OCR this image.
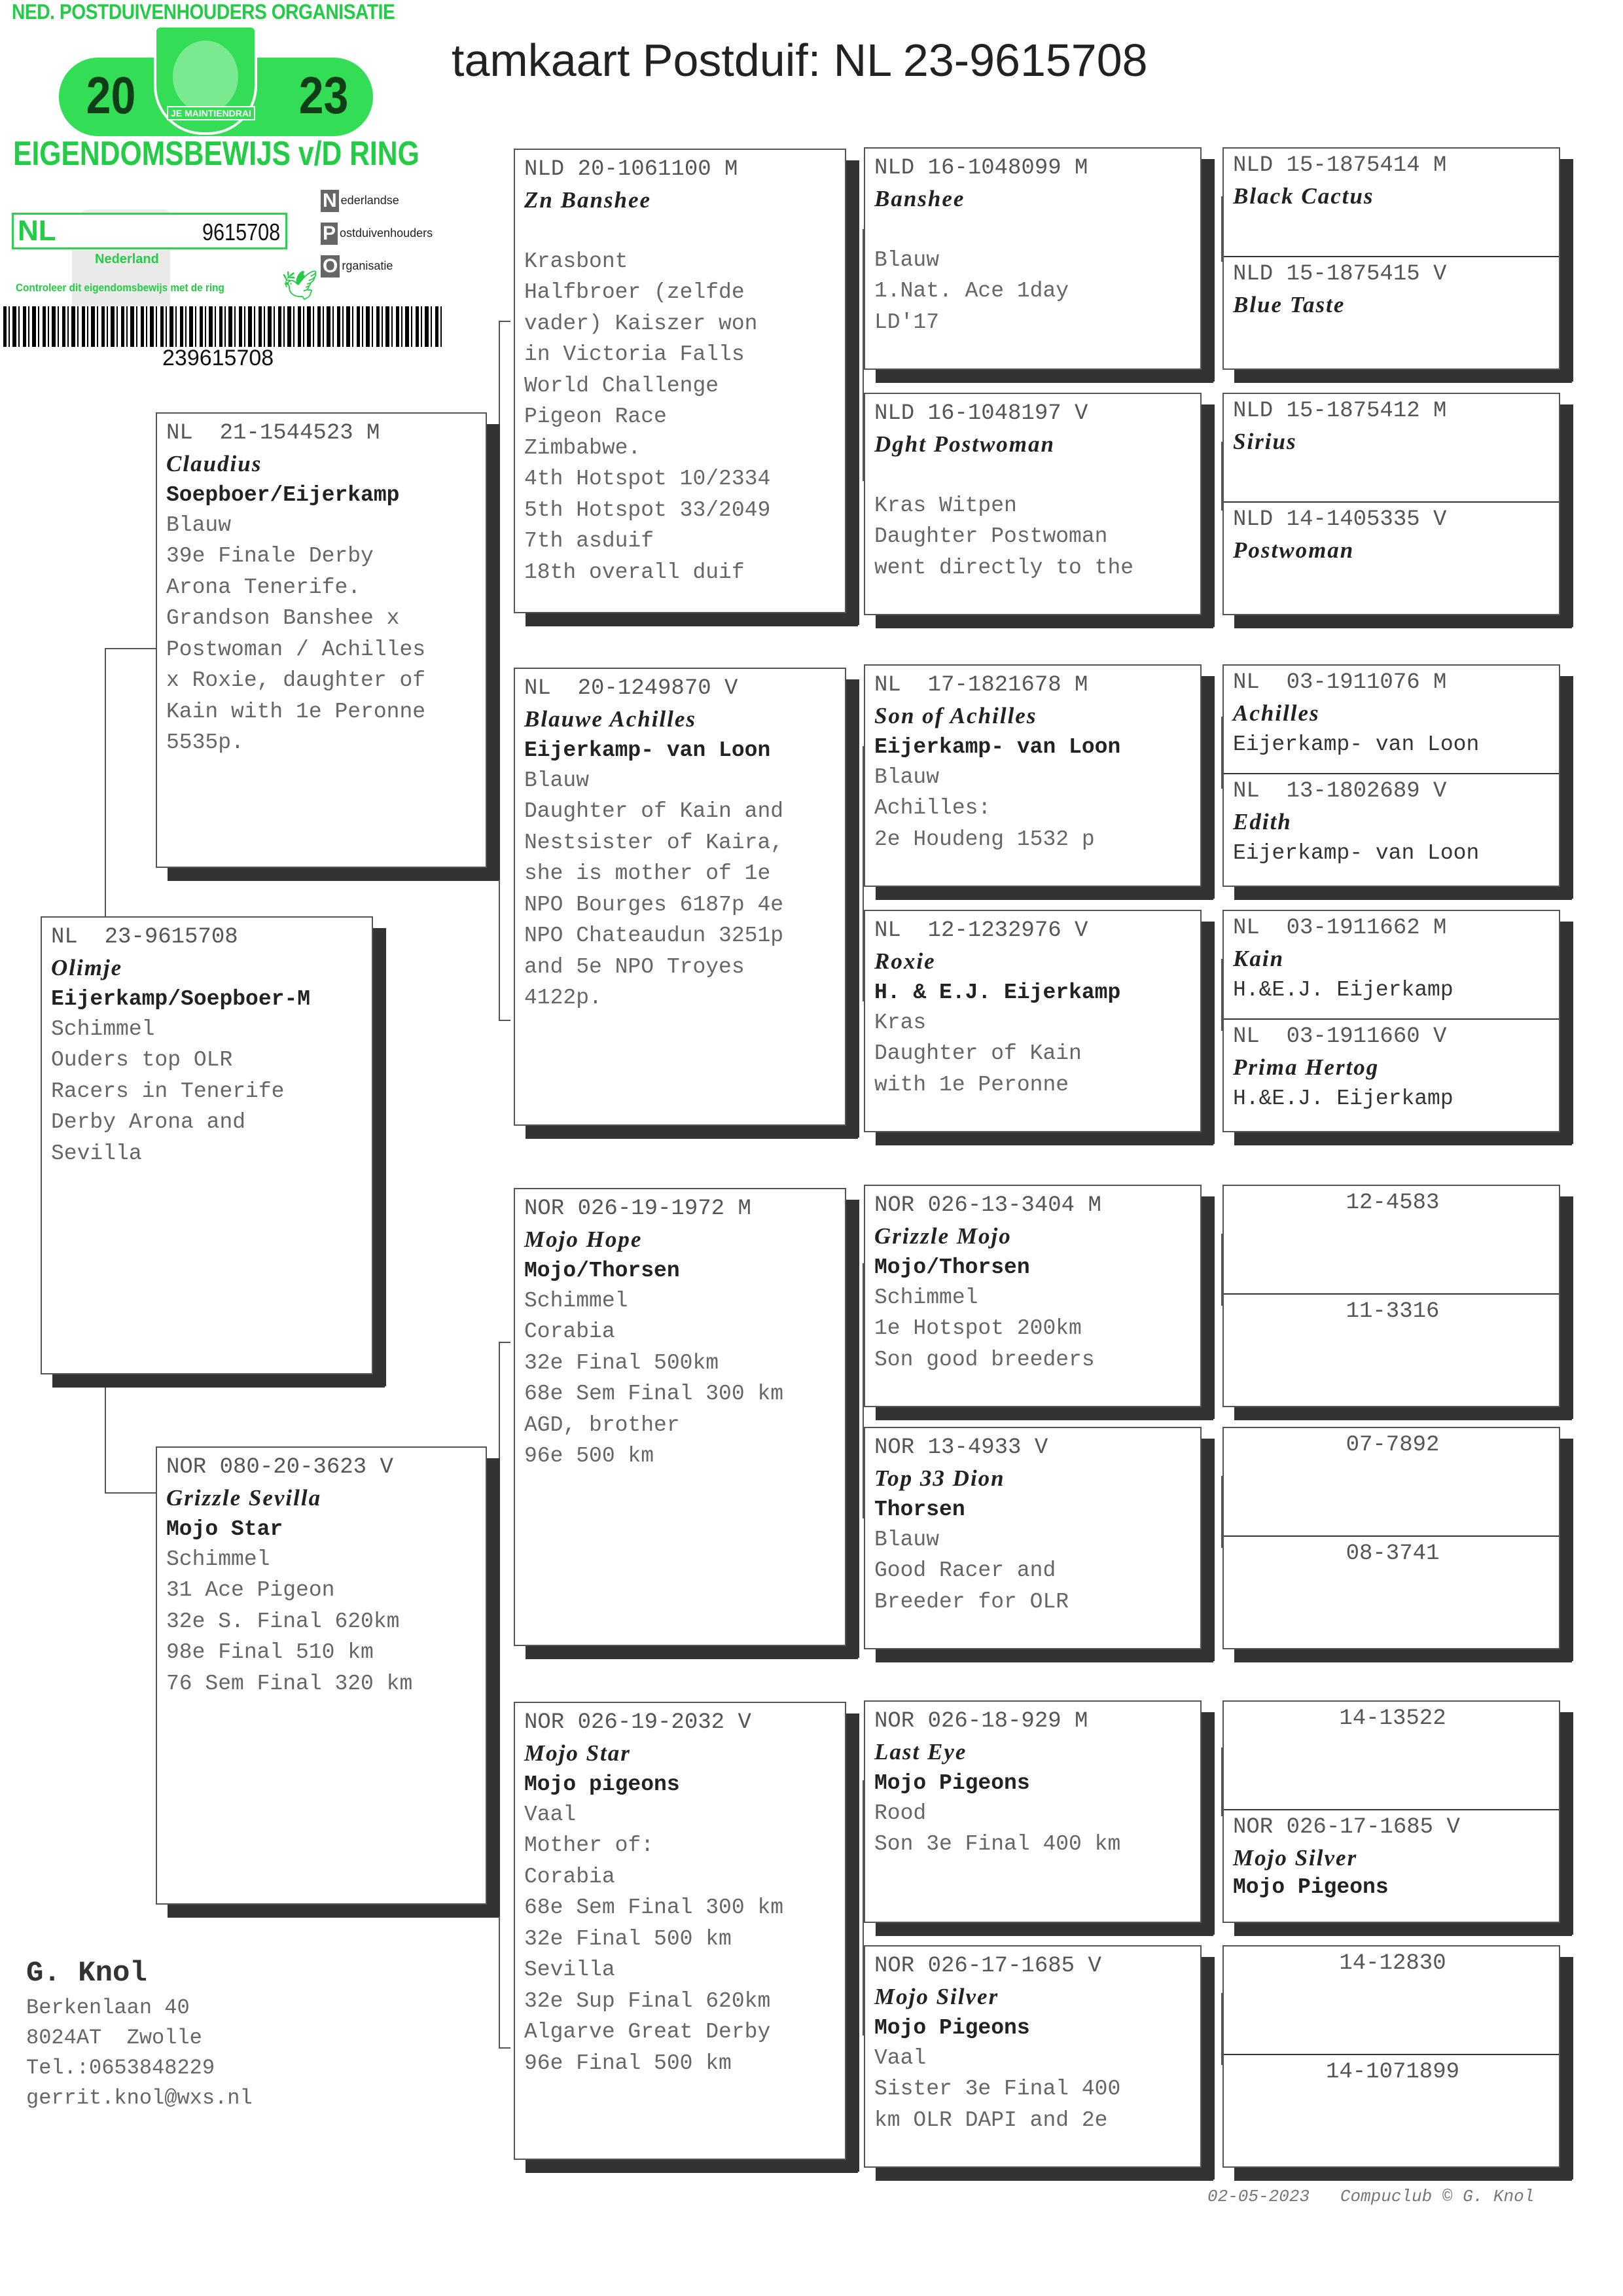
NED. POSTDUIVENHOUDERS ORGANISATIE
20	23
JE MAINTIENDRAI
EIGENDOMSBEWIJS v/D RING
NL	9615708
N ederlandse
P ostduivenhouders
O rganisatie
Nederland
🕊
Controleer dit eigendomsbewijs met de ring
239615708
tamkaart Postduif: NL 23-9615708
NL  23-9615708
Olimje
Eijerkamp/Soepboer-M
Schimmel
Ouders top OLR
Racers in Tenerife
Derby Arona and
Sevilla
NL  21-1544523 M
Claudius
Soepboer/Eijerkamp
Blauw
39e Finale Derby
Arona Tenerife.
Grandson Banshee x
Postwoman / Achilles
x Roxie, daughter of
Kain with 1e Peronne
5535p.
NOR 080-20-3623 V
Grizzle Sevilla
Mojo Star
Schimmel
31 Ace Pigeon
32e S. Final 620km
98e Final 510 km
76 Sem Final 320 km
NLD 20-1061100 M
Zn Banshee
Krasbont
Halfbroer (zelfde
vader) Kaiszer won
in Victoria Falls
World Challenge
Pigeon Race
Zimbabwe.
4th Hotspot 10/2334
5th Hotspot 33/2049
7th asduif
18th overall duif
NL  20-1249870 V
Blauwe Achilles
Eijerkamp- van Loon
Blauw
Daughter of Kain and
Nestsister of Kaira,
she is mother of 1e
NPO Bourges 6187p 4e
NPO Chateaudun 3251p
and 5e NPO Troyes
4122p.
NOR 026-19-1972 M
Mojo Hope
Mojo/Thorsen
Schimmel
Corabia
32e Final 500km
68e Sem Final 300 km
AGD, brother
96e 500 km
NOR 026-19-2032 V
Mojo Star
Mojo pigeons
Vaal
Mother of:
Corabia
68e Sem Final 300 km
32e Final 500 km
Sevilla
32e Sup Final 620km
Algarve Great Derby
96e Final 500 km
NLD 16-1048099 M
Banshee
Blauw
1.Nat. Ace 1day
LD'17
NLD 16-1048197 V
Dght Postwoman
Kras Witpen
Daughter Postwoman
went directly to the
NL  17-1821678 M
Son of Achilles
Eijerkamp- van Loon
Blauw
Achilles:
2e Houdeng 1532 p
NL  12-1232976 V
Roxie
H. & E.J. Eijerkamp
Kras
Daughter of Kain
with 1e Peronne
NOR 026-13-3404 M
Grizzle Mojo
Mojo/Thorsen
Schimmel
1e Hotspot 200km
Son good breeders
NOR 13-4933 V
Top 33 Dion
Thorsen
Blauw
Good Racer and
Breeder for OLR
NOR 026-18-929 M
Last Eye
Mojo Pigeons
Rood
Son 3e Final 400 km
NOR 026-17-1685 V
Mojo Silver
Mojo Pigeons
Vaal
Sister 3e Final 400
km OLR DAPI and 2e
NLD 15-1875414 M
Black Cactus
NLD 15-1875415 V
Blue Taste
NLD 15-1875412 M
Sirius
NLD 14-1405335 V
Postwoman
NL  03-1911076 M
Achilles
Eijerkamp- van Loon
NL  13-1802689 V
Edith
Eijerkamp- van Loon
NL  03-1911662 M
Kain
H.&E.J. Eijerkamp
NL  03-1911660 V
Prima Hertog
H.&E.J. Eijerkamp
12-4583
11-3316
07-7892
08-3741
14-13522
NOR 026-17-1685 V
Mojo Silver
Mojo Pigeons
14-12830
14-1071899
G. Knol
Berkenlaan 40
8024AT  Zwolle
Tel.:0653848229
gerrit.knol@wxs.nl
02-05-2023 Compuclub © G. Knol
